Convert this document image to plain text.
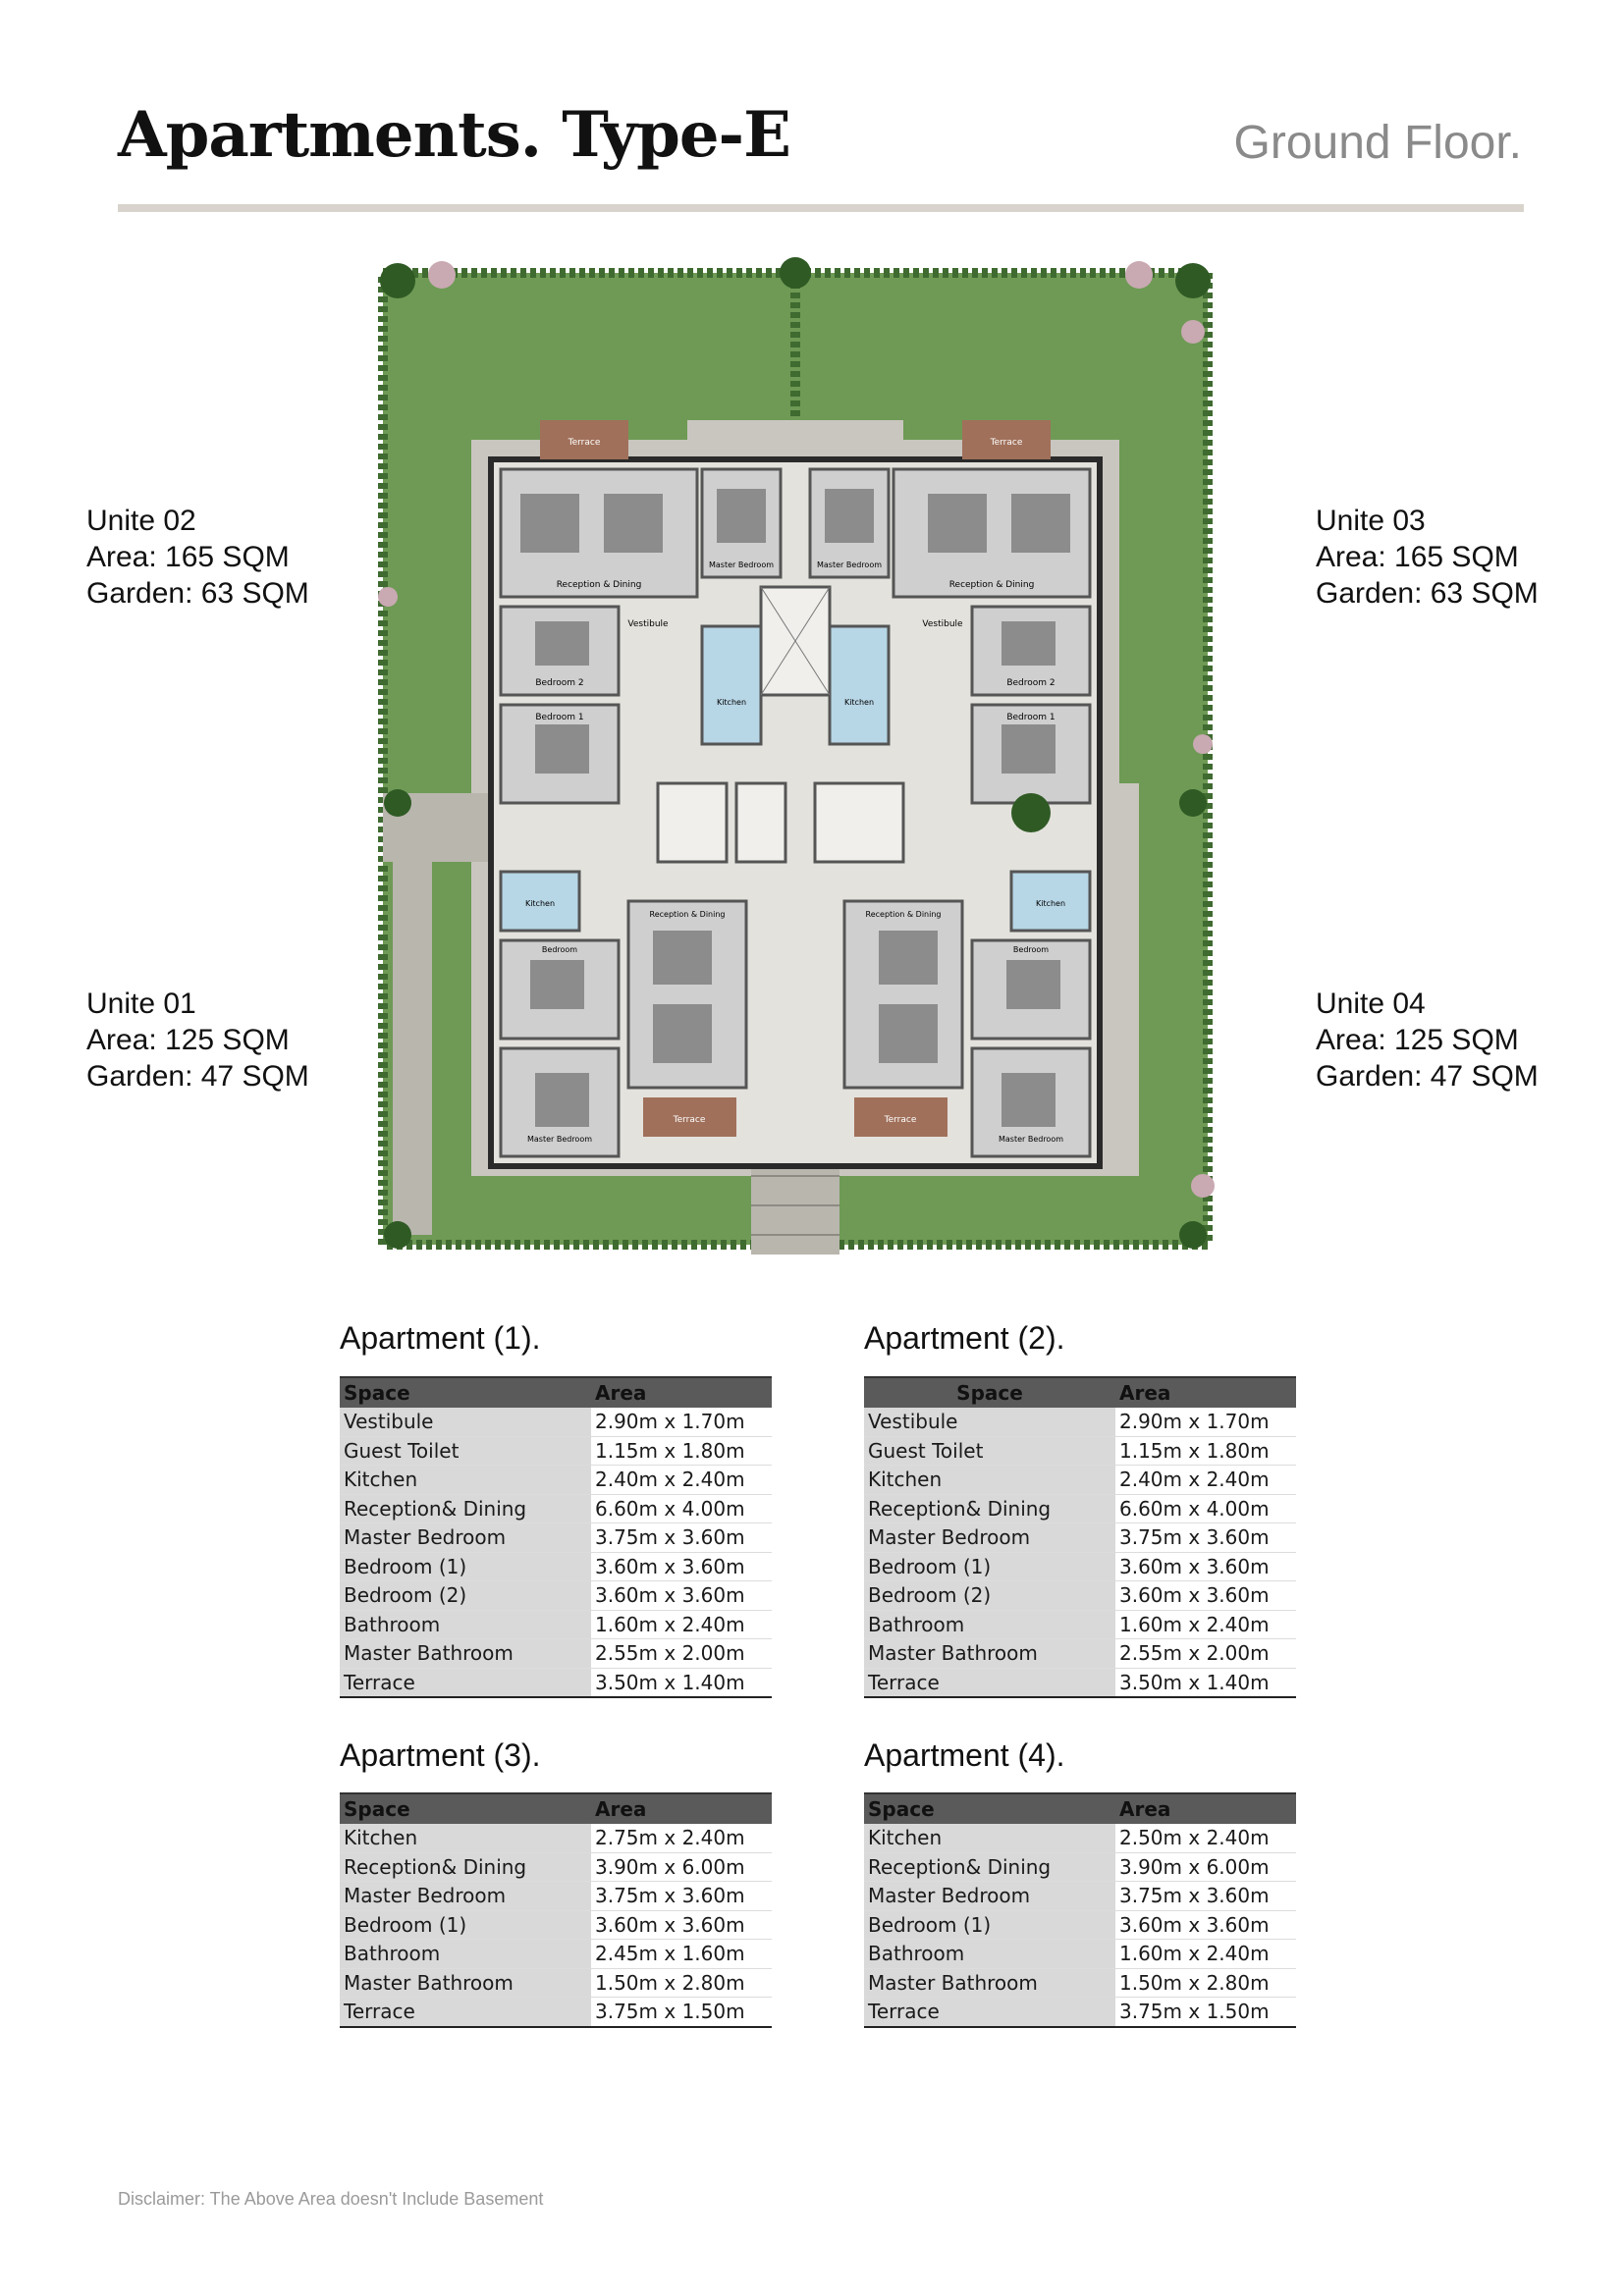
Apartments. Type-E	Ground Floor.
Unite 02
Area: 165 SQM
Garden: 63 SQM
Unite 03
Area: 165 SQM
Garden: 63 SQM
Unite 01
Area: 125 SQM
Garden: 47 SQM
Unite 04
Area: 125 SQM
Garden: 47 SQM
Terrace
Reception & Dining
Bedroom 2
Bedroom 1
Vestibule
Master Bedroom
Kitchen
Terrace
Reception & Dining
Bedroom 2
Bedroom 1
Vestibule
Master Bedroom
Kitchen
Kitchen
Bedroom
Master Bedroom
Reception & Dining
Terrace
Kitchen
Bedroom
Master Bedroom
Reception & Dining
Terrace
Apartment (1).
Space	Area
Vestibule	2.90m x 1.70m
Guest Toilet	1.15m x 1.80m
Kitchen	2.40m x 2.40m
Reception& Dining	6.60m x 4.00m
Master Bedroom	3.75m x 3.60m
Bedroom (1)	3.60m x 3.60m
Bedroom (2)	3.60m x 3.60m
Bathroom	1.60m x 2.40m
Master Bathroom	2.55m x 2.00m
Terrace	3.50m x 1.40m
Apartment (2).
Space	Area
Vestibule	2.90m x 1.70m
Guest Toilet	1.15m x 1.80m
Kitchen	2.40m x 2.40m
Reception& Dining	6.60m x 4.00m
Master Bedroom	3.75m x 3.60m
Bedroom (1)	3.60m x 3.60m
Bedroom (2)	3.60m x 3.60m
Bathroom	1.60m x 2.40m
Master Bathroom	2.55m x 2.00m
Terrace	3.50m x 1.40m
Apartment (3).
Space	Area
Kitchen	2.75m x 2.40m
Reception& Dining	3.90m x 6.00m
Master Bedroom	3.75m x 3.60m
Bedroom (1)	3.60m x 3.60m
Bathroom	2.45m x 1.60m
Master Bathroom	1.50m x 2.80m
Terrace	3.75m x 1.50m
Apartment (4).
Space	Area
Kitchen	2.50m x 2.40m
Reception& Dining	3.90m x 6.00m
Master Bedroom	3.75m x 3.60m
Bedroom (1)	3.60m x 3.60m
Bathroom	1.60m x 2.40m
Master Bathroom	1.50m x 2.80m
Terrace	3.75m x 1.50m
Disclaimer: The Above Area doesn't Include Basement
